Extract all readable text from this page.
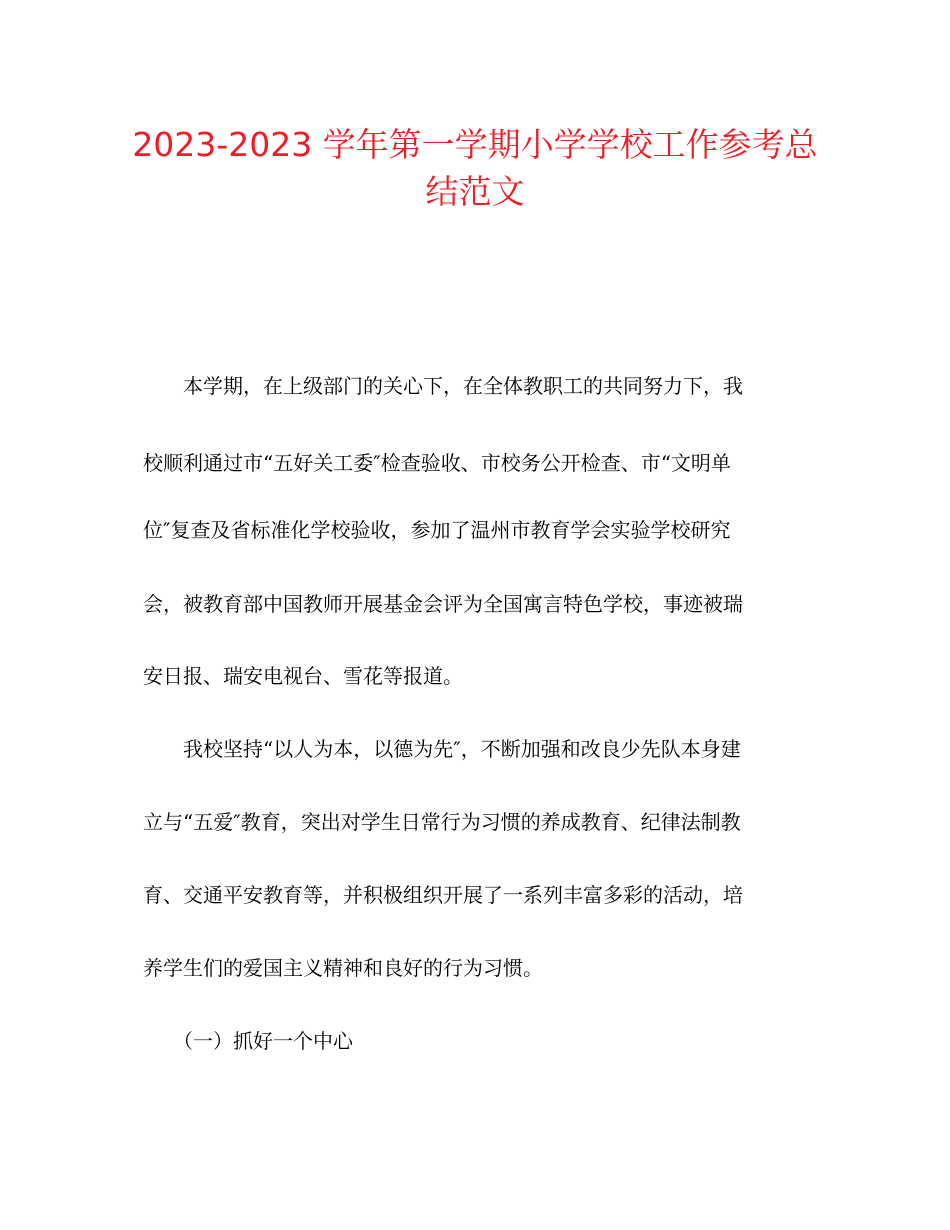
2023-2023 学年第一学期小学学校工作参考总
结范文

　　本学期，在上级部门的关心下，在全体教职工的共同努力下，我

校顺利通过市“五好关工委″检查验收、市校务公开检查、市“文明单

位″复查及省标准化学校验收，参加了温州市教育学会实验学校研究

会，被教育部中国教师开展基金会评为全国寓言特色学校，事迹被瑞

安日报、瑞安电视台、雪花等报道。

　　我校坚持“以人为本，以德为先″，不断加强和改良少先队本身建

立与“五爱″教育，突出对学生日常行为习惯的养成教育、纪律法制教

育、交通平安教育等，并积极组织开展了一系列丰富多彩的活动，培

养学生们的爱国主义精神和良好的行为习惯。

　　（一）抓好一个中心
